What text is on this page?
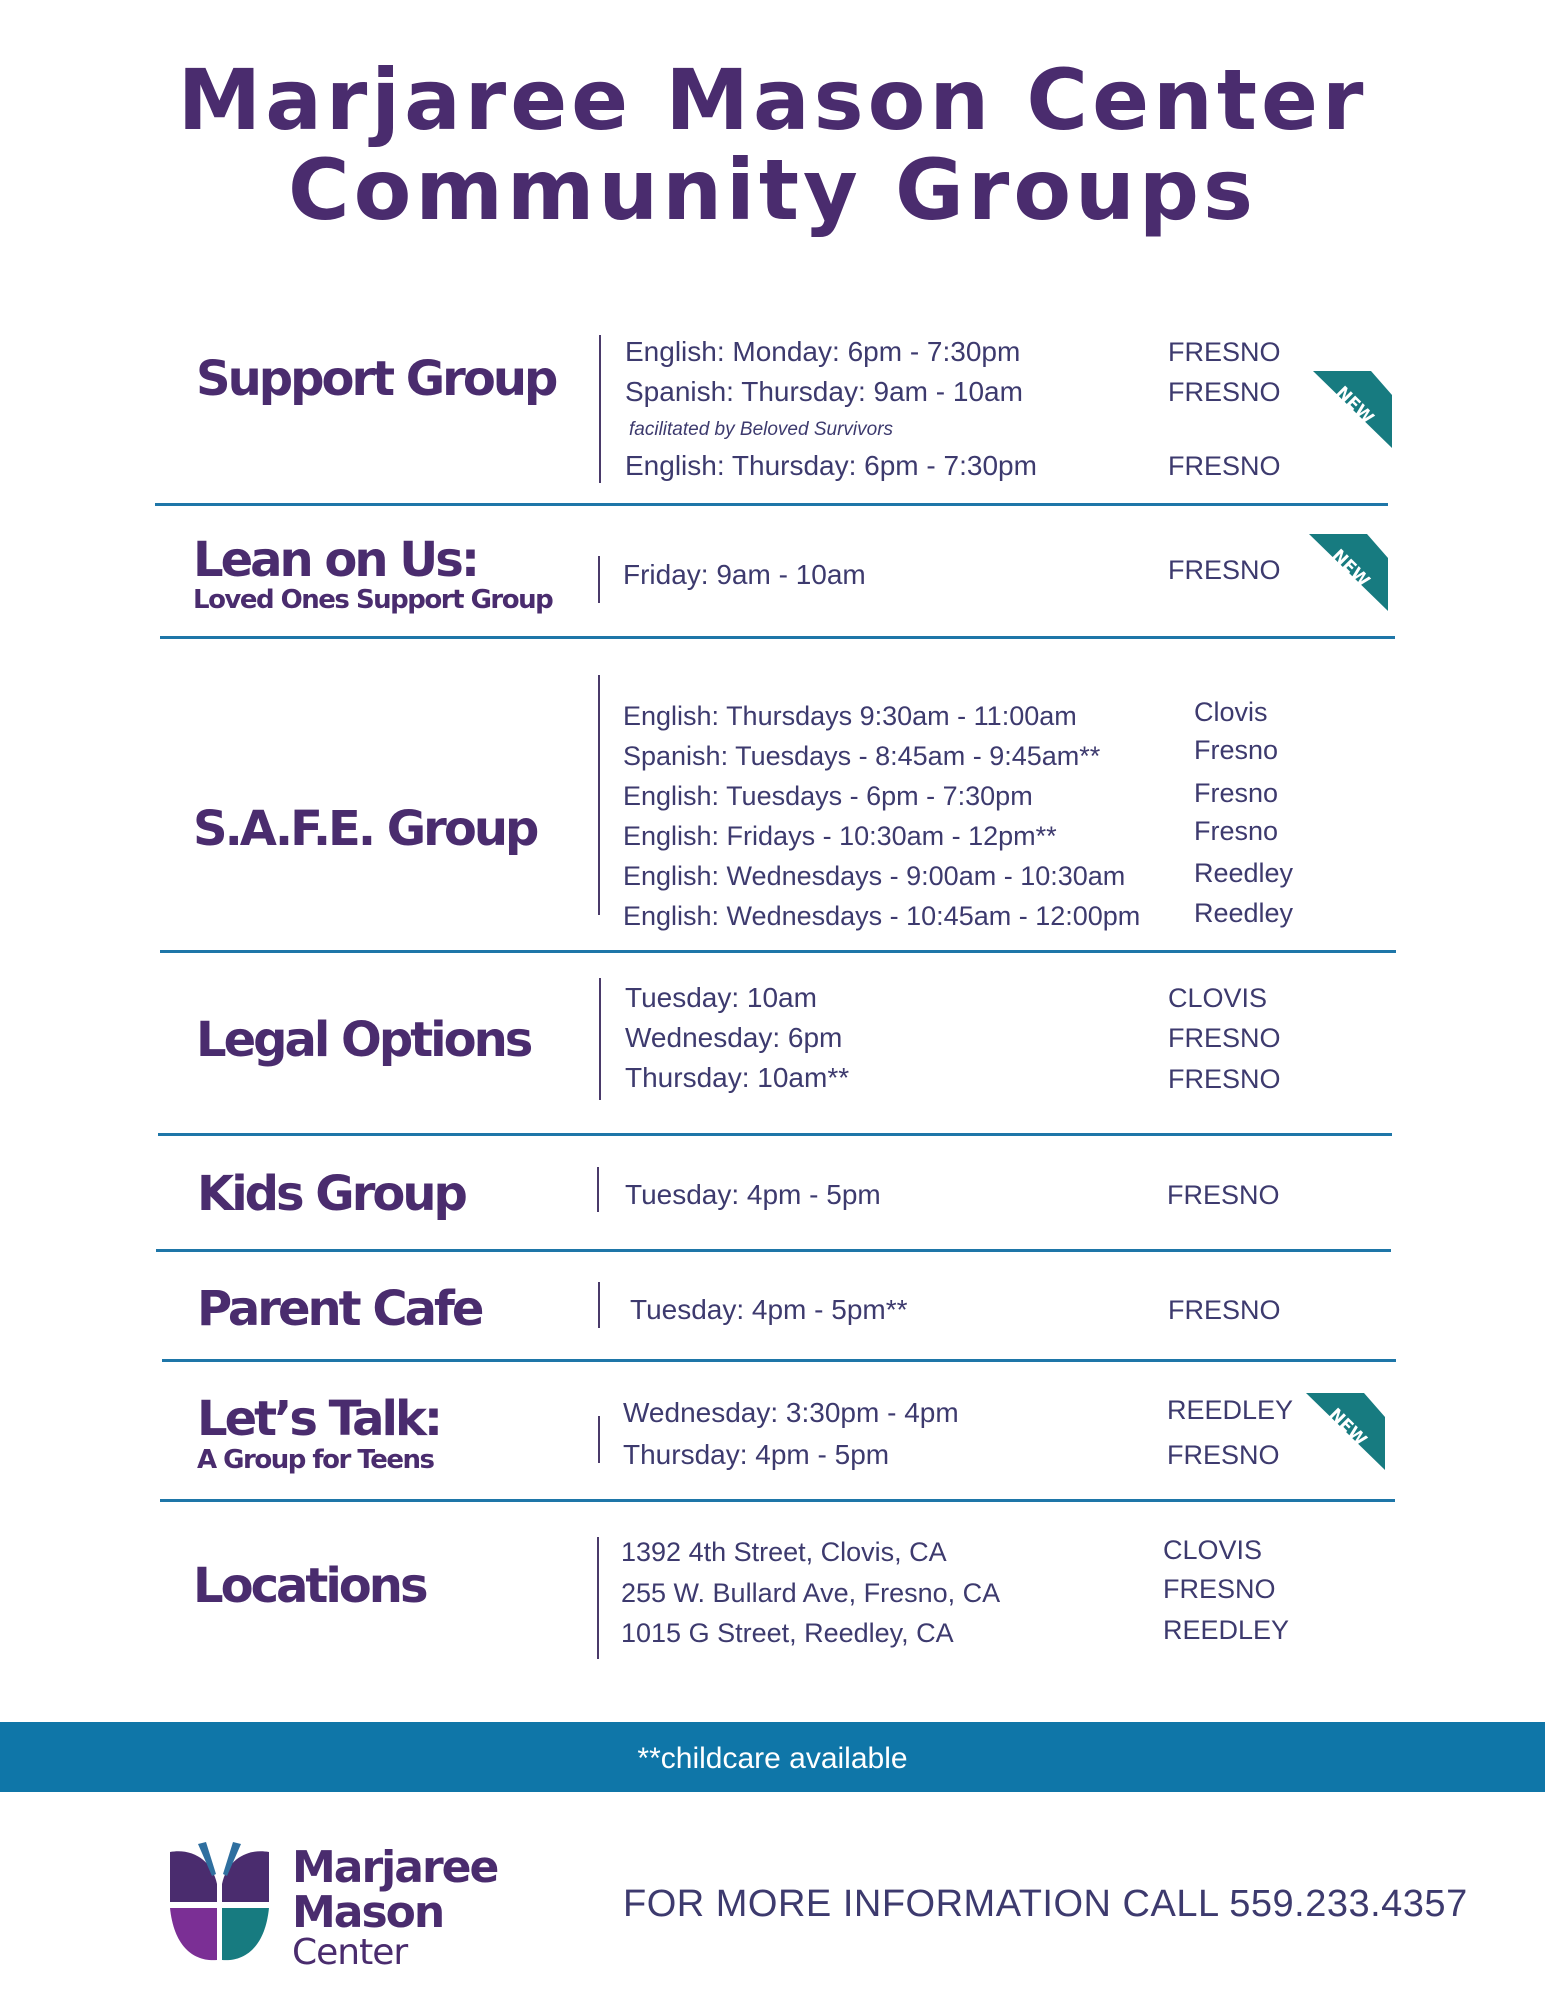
Marjaree Mason Center
Community Groups
Support Group English: Monday: 6pm - 7:30pm	FRESNO
Spanish: Thursday: 9am - 10am	FRESNO
facilitated by Beloved Survivors
English: Thursday: 6pm - 7:30pm	FRESNO
NEW
Lean on Us:
Loved Ones Support Group
Friday: 9am - 10am	FRESNO	NEW
S.A.F.E. Group
English: Thursdays 9:30am - 11:00am	Clovis
Spanish: Tuesdays - 8:45am - 9:45am**	Fresno
English: Tuesdays - 6pm - 7:30pm	Fresno
English: Fridays - 10:30am - 12pm**	Fresno
English: Wednesdays - 9:00am - 10:30am	Reedley
English: Wednesdays - 10:45am - 12:00pm Reedley
Legal Options
Tuesday: 10am	CLOVIS
Wednesday: 6pm	FRESNO
Thursday: 10am**	FRESNO
Kids Group	Tuesday: 4pm - 5pm	FRESNO
Parent Cafe	Tuesday: 4pm - 5pm**	FRESNO
Let’s Talk:
A Group for Teens
Wednesday: 3:30pm - 4pm	REEDLEY
Thursday: 4pm - 5pm	FRESNO
NEW
Locations
1392 4th Street, Clovis, CA	CLOVIS
255 W. Bullard Ave, Fresno, CA	FRESNO
1015 G Street, Reedley, CA	REEDLEY
**childcare available
Marjaree
Mason
Center
FOR MORE INFORMATION CALL 559.233.4357
